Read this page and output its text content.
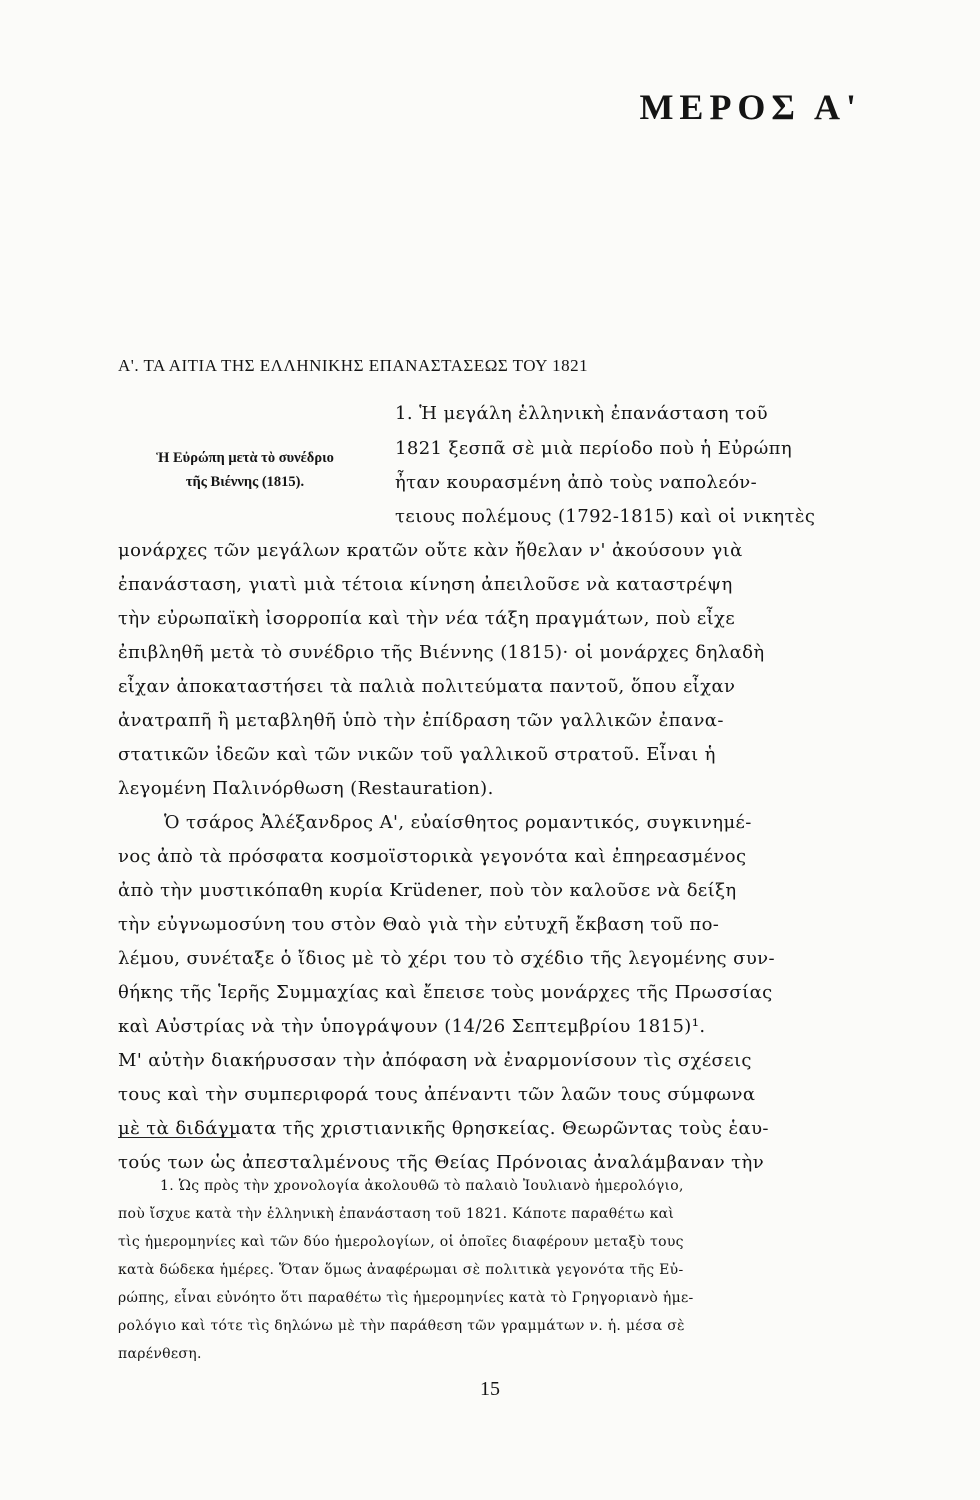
ΜΕΡΟΣ Α'
Α'. ΤΑ ΑΙΤΙΑ ΤΗΣ ΕΛΛΗΝΙΚΗΣ ΕΠΑΝΑΣΤΑΣΕΩΣ ΤΟΥ 1821
Ἡ Εὐρώπη μετὰ τὸ συνέδριο
τῆς Βιέννης (1815).
1. Ἡ μεγάλη ἑλληνικὴ ἐπανάσταση τοῦ
1821 ξεσπᾶ σὲ μιὰ περίοδο ποὺ ἡ Εὐρώπη
ἦταν κουρασμένη ἀπὸ τοὺς ναπολεόν-
τειους πολέμους (1792-1815) καὶ οἱ νικητὲς
μονάρχες τῶν μεγάλων κρατῶν οὔτε κὰν ἤθελαν ν' ἀκούσουν γιὰ
ἐπανάσταση, γιατὶ μιὰ τέτοια κίνηση ἀπειλοῦσε νὰ καταστρέψη
τὴν εὐρωπαϊκὴ ἰσορροπία καὶ τὴν νέα τάξη πραγμάτων, ποὺ εἶχε
ἐπιβληθῆ μετὰ τὸ συνέδριο τῆς Βιέννης (1815)· οἱ μονάρχες δηλαδὴ
εἶχαν ἀποκαταστήσει τὰ παλιὰ πολιτεύματα παντοῦ, ὅπου εἶχαν
ἀνατραπῆ ἢ μεταβληθῆ ὑπὸ τὴν ἐπίδραση τῶν γαλλικῶν ἐπανα-
στατικῶν ἰδεῶν καὶ τῶν νικῶν τοῦ γαλλικοῦ στρατοῦ. Εἶναι ἡ
λεγομένη Παλινόρθωση (Restauration).
Ὁ τσάρος Ἀλέξανδρος Α', εὐαίσθητος ρομαντικός, συγκινημέ-
νος ἀπὸ τὰ πρόσφατα κοσμοϊστορικὰ γεγονότα καὶ ἐπηρεασμένος
ἀπὸ τὴν μυστικόπαθη κυρία Krüdener, ποὺ τὸν καλοῦσε νὰ δείξη
τὴν εὐγνωμοσύνη του στὸν Θαὸ γιὰ τὴν εὐτυχῆ ἔκβαση τοῦ πο-
λέμου, συνέταξε ὁ ἴδιος μὲ τὸ χέρι του τὸ σχέδιο τῆς λεγομένης συν-
θήκης τῆς Ἱερῆς Συμμαχίας καὶ ἔπεισε τοὺς μονάρχες τῆς Πρωσσίας
καὶ Αὐστρίας νὰ τὴν ὑπογράψουν (14/26 Σεπτεμβρίου 1815)¹.
Μ' αὐτὴν διακήρυσσαν τὴν ἀπόφαση νὰ ἐναρμονίσουν τὶς σχέσεις
τους καὶ τὴν συμπεριφορά τους ἀπέναντι τῶν λαῶν τους σύμφωνα
μὲ τὰ διδάγματα τῆς χριστιανικῆς θρησκείας. Θεωρῶντας τοὺς ἑαυ-
τούς των ὡς ἀπεσταλμένους τῆς Θείας Πρόνοιας ἀναλάμβαναν τὴν
1. Ὡς πρὸς τὴν χρονολογία ἀκολουθῶ τὸ παλαιὸ Ἰουλιανὸ ἡμερολόγιο,
ποὺ ἴσχυε κατὰ τὴν ἑλληνικὴ ἐπανάσταση τοῦ 1821. Κάποτε παραθέτω καὶ
τὶς ἡμερομηνίες καὶ τῶν δύο ἡμερολογίων, οἱ ὁποῖες διαφέρουν μεταξὺ τους
κατὰ δώδεκα ἡμέρες. Ὅταν ὅμως ἀναφέρωμαι σὲ πολιτικὰ γεγονότα τῆς Εὐ-
ρώπης, εἶναι εὐνόητο ὅτι παραθέτω τὶς ἡμερομηνίες κατὰ τὸ Γρηγοριανὸ ἡμε-
ρολόγιο καὶ τότε τὶς δηλώνω μὲ τὴν παράθεση τῶν γραμμάτων ν. ἡ. μέσα σὲ
παρένθεση.
15
